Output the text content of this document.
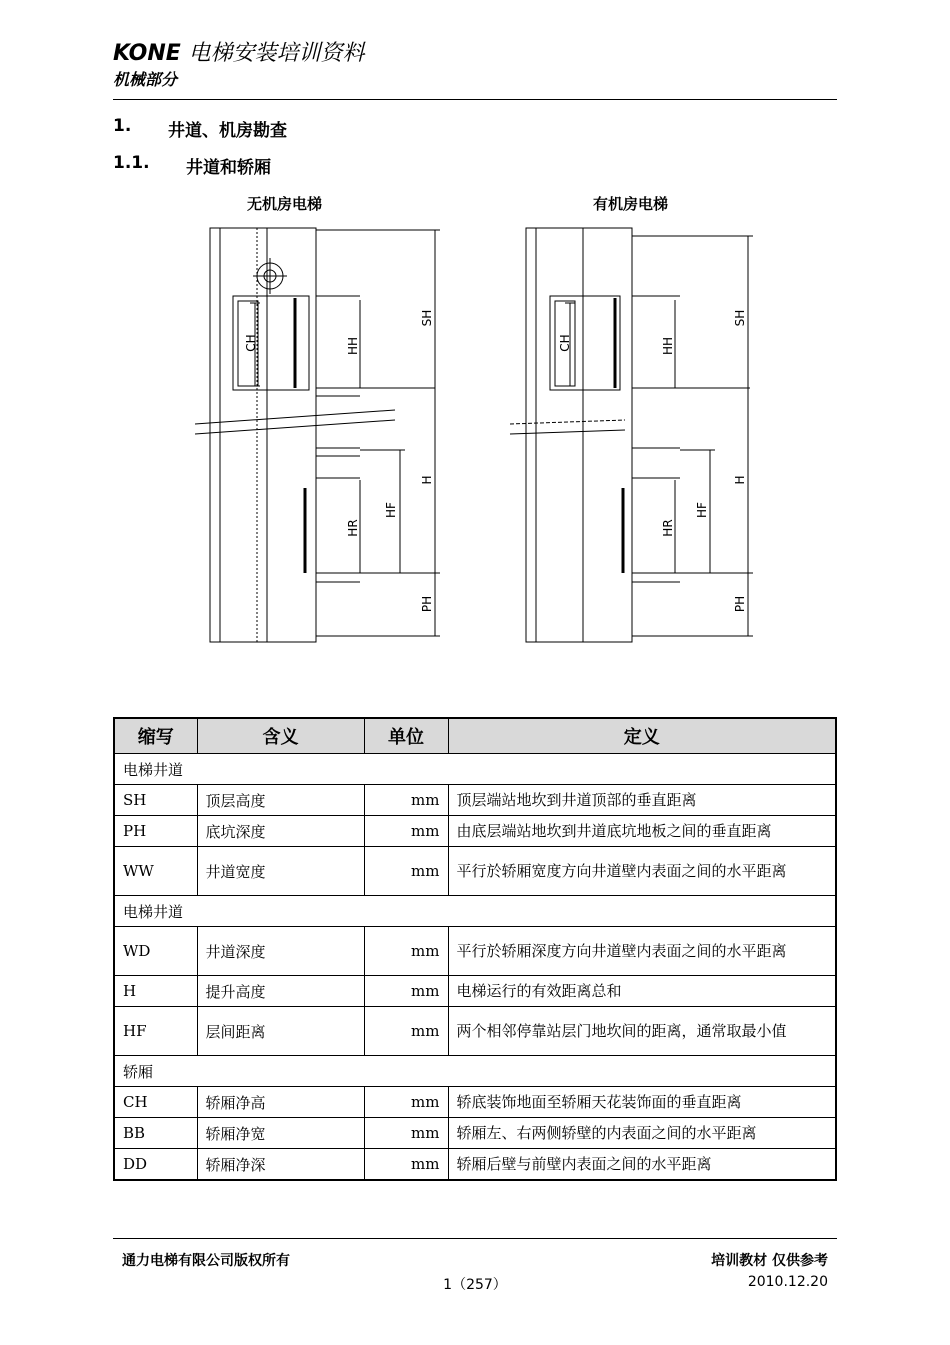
KONE 电梯安装培训资料
机械部分
1. 井道、机房勘查
1.1. 井道和轿厢
无机房电梯	有机房电梯
CH	HH
SH
H
HR
HF
PH
CH	HH
SH
H
HR
HF
PH
缩写	含义	单位	定义
电梯井道			
SH	顶层高度	mm	顶层端站地坎到井道顶部的垂直距离
PH	底坑深度	mm	由底层端站地坎到井道底坑地板之间的垂直距离
WW	井道宽度	mm	平行於轿厢宽度方向井道壁内表面之间的水平距离
电梯井道			
WD	井道深度	mm	平行於轿厢深度方向井道壁内表面之间的水平距离
H	提升高度	mm	电梯运行的有效距离总和
HF	层间距离	mm	两个相邻停靠站层门地坎间的距离，通常取最小值
轿厢			
CH	轿厢净高	mm	轿底装饰地面至轿厢天花装饰面的垂直距离
BB	轿厢净宽	mm	轿厢左、右两侧轿壁的内表面之间的水平距离
DD	轿厢净深	mm	轿厢后壁与前壁内表面之间的水平距离
通力电梯有限公司版权所有	培训教材 仅供参考
1（257）	2010.12.20
